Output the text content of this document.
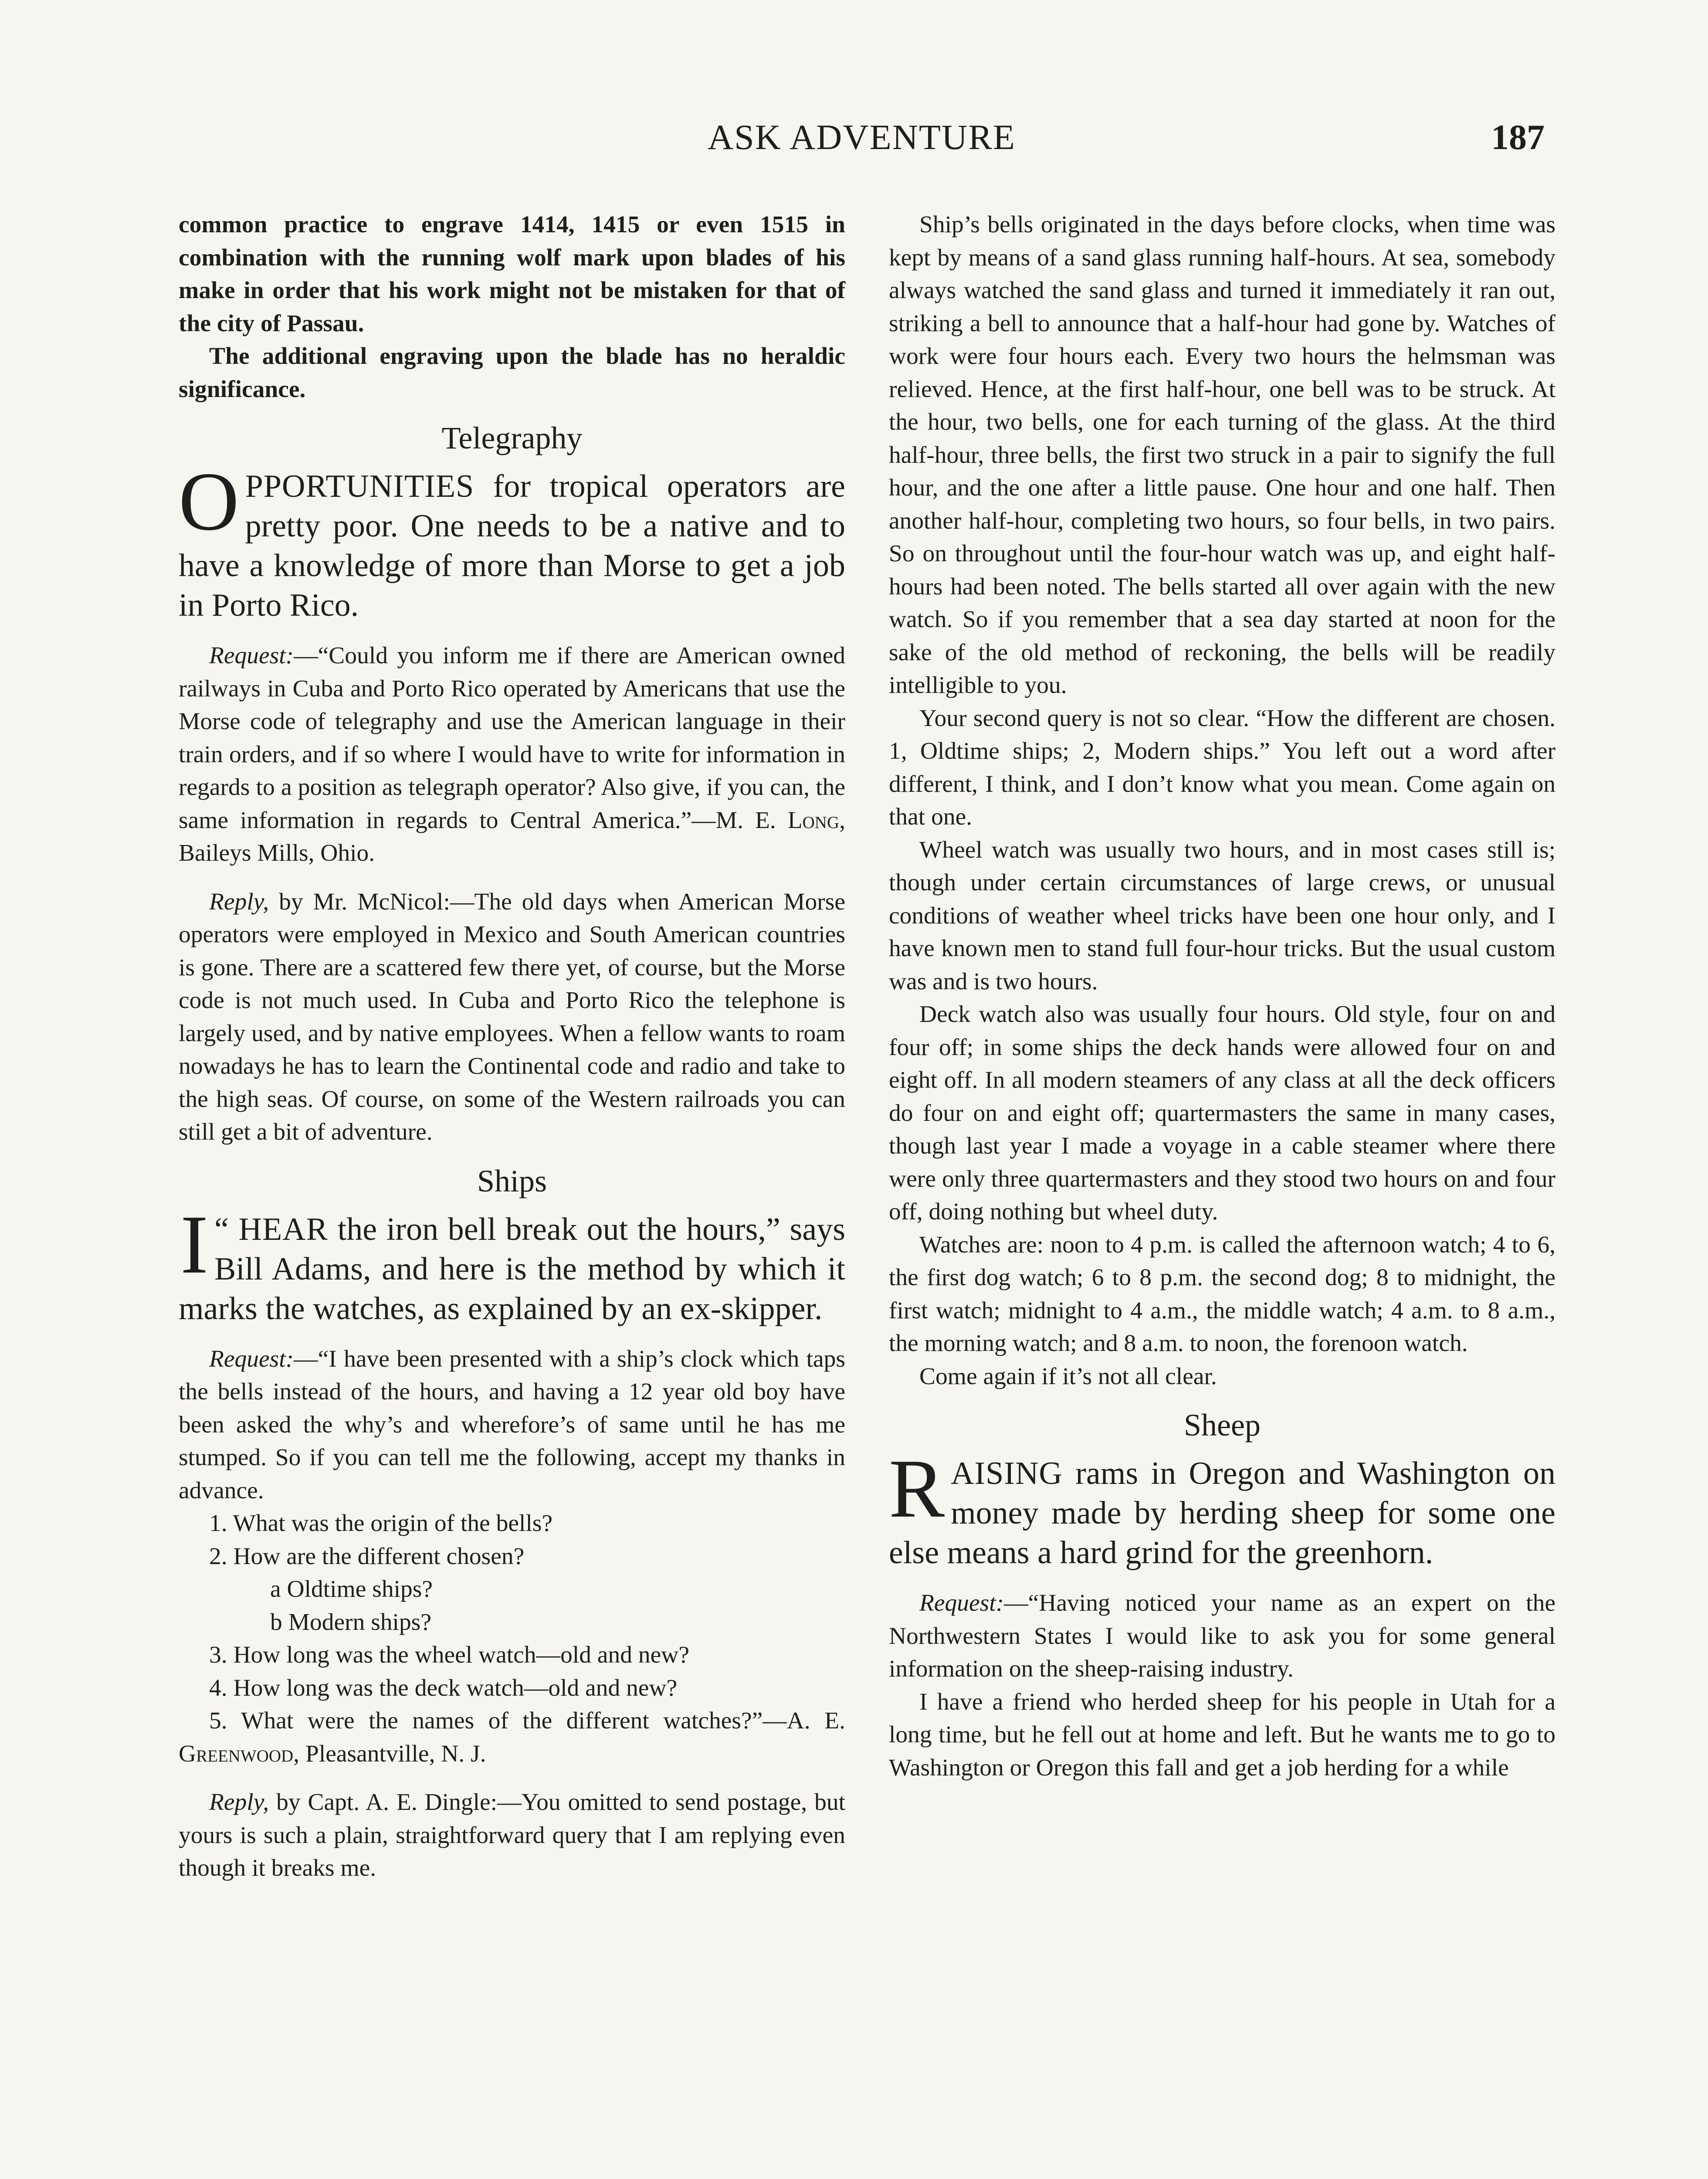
ASK ADVENTURE	187

common practice to engrave 1414, 1415 or even 1515 in combination with the running wolf mark upon blades of his make in order that his work might not be mistaken for that of the city of Passau.

The additional engraving upon the blade has no heraldic significance.

Telegraphy
OPPORTUNITIES for tropical operators are pretty poor. One needs to be a native and to have a knowledge of more than Morse to get a job in Porto Rico.

Request:—“Could you inform me if there are American owned railways in Cuba and Porto Rico operated by Americans that use the Morse code of telegraphy and use the American language in their train orders, and if so where I would have to write for information in regards to a position as telegraph operator? Also give, if you can, the same information in regards to Central America.”—M. E. Long, Baileys Mills, Ohio.

Reply, by Mr. McNicol:—The old days when American Morse operators were employed in Mexico and South American countries is gone. There are a scattered few there yet, of course, but the Morse code is not much used. In Cuba and Porto Rico the telephone is largely used, and by native employees. When a fellow wants to roam nowadays he has to learn the Continental code and radio and take to the high seas. Of course, on some of the Western railroads you can still get a bit of adventure.

Ships
“
I HEAR the iron bell break out the hours,” says Bill Adams, and here is the method by which it marks the watches, as explained by an ex-skipper.

Request:—“I have been presented with a ship’s clock which taps the bells instead of the hours, and having a 12 year old boy have been asked the why’s and wherefore’s of same until he has me stumped. So if you can tell me the following, accept my thanks in advance.

1. What was the origin of the bells?
2. How are the different chosen?
a Oldtime ships?
b Modern ships?
3. How long was the wheel watch—old and new?
4. How long was the deck watch—old and new?

5. What were the names of the different watches?”—A. E. Greenwood, Pleasantville, N. J.

Reply, by Capt. A. E. Dingle:—You omitted to send postage, but yours is such a plain, straightforward query that I am replying even though it breaks me.

Ship’s bells originated in the days before clocks, when time was kept by means of a sand glass running half-hours. At sea, somebody always watched the sand glass and turned it immediately it ran out, striking a bell to announce that a half-hour had gone by. Watches of work were four hours each. Every two hours the helmsman was relieved. Hence, at the first half-hour, one bell was to be struck. At the hour, two bells, one for each turning of the glass. At the third half-hour, three bells, the first two struck in a pair to signify the full hour, and the one after a little pause. One hour and one half. Then another half-hour, completing two hours, so four bells, in two pairs. So on throughout until the four-hour watch was up, and eight half-hours had been noted. The bells started all over again with the new watch. So if you remember that a sea day started at noon for the sake of the old method of reckoning, the bells will be readily intelligible to you.

Your second query is not so clear. “How the different are chosen. 1, Oldtime ships; 2, Modern ships.” You left out a word after different, I think, and I don’t know what you mean. Come again on that one.

Wheel watch was usually two hours, and in most cases still is; though under certain circumstances of large crews, or unusual conditions of weather wheel tricks have been one hour only, and I have known men to stand full four-hour tricks. But the usual custom was and is two hours.

Deck watch also was usually four hours. Old style, four on and four off; in some ships the deck hands were allowed four on and eight off. In all modern steamers of any class at all the deck officers do four on and eight off; quartermasters the same in many cases, though last year I made a voyage in a cable steamer where there were only three quartermasters and they stood two hours on and four off, doing nothing but wheel duty.

Watches are: noon to 4 p.m. is called the afternoon watch; 4 to 6, the first dog watch; 6 to 8 p.m. the second dog; 8 to midnight, the first watch; midnight to 4 a.m., the middle watch; 4 a.m. to 8 a.m., the morning watch; and 8 a.m. to noon, the forenoon watch.

Come again if it’s not all clear.

Sheep
RAISING rams in Oregon and Washington on money made by herding sheep for some one else means a hard grind for the greenhorn.

Request:—“Having noticed your name as an expert on the Northwestern States I would like to ask you for some general information on the sheep-raising industry.

I have a friend who herded sheep for his people in Utah for a long time, but he fell out at home and left. But he wants me to go to Washington or Oregon this fall and get a job herding for a while
